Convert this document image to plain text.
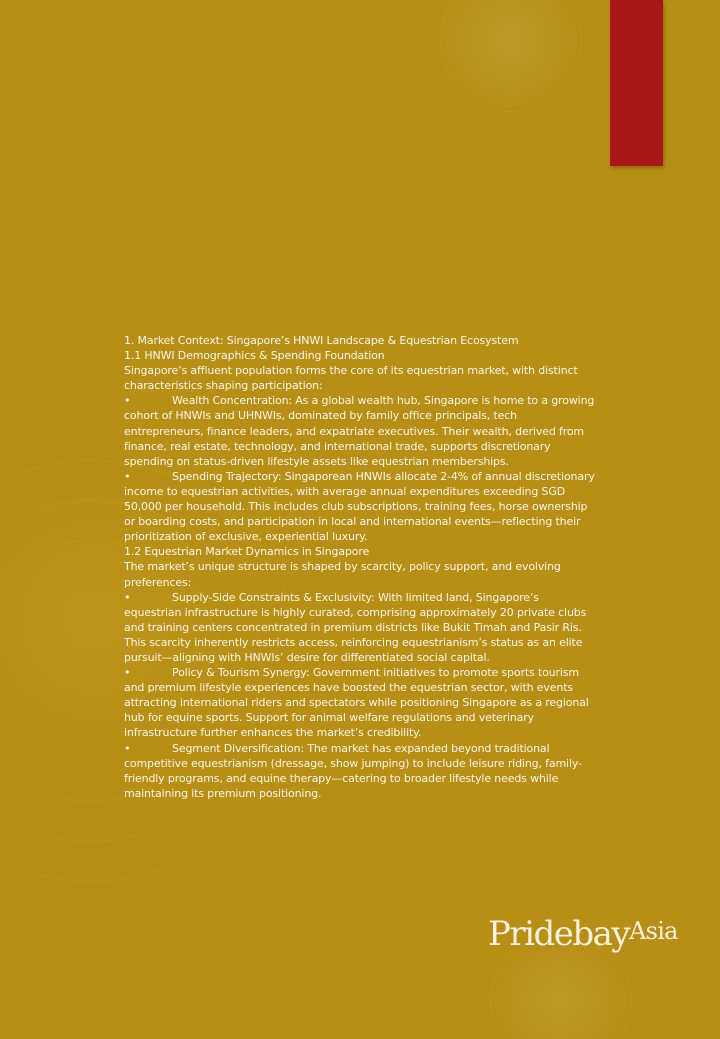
1. Market Context: Singapore’s HNWI Landscape & Equestrian Ecosystem

1.1 HNWI Demographics & Spending Foundation

Singapore’s affluent population forms the core of its equestrian market, with distinct characteristics shaping participation:

•	Wealth Concentration: As a global wealth hub, Singapore is home to a growing cohort of HNWIs and UHNWIs, dominated by family office principals, tech entrepreneurs, finance leaders, and expatriate executives. Their wealth, derived from finance, real estate, technology, and international trade, supports discretionary spending on status-driven lifestyle assets like equestrian memberships.

•	Spending Trajectory: Singaporean HNWIs allocate 2-4% of annual discretionary income to equestrian activities, with average annual expenditures exceeding SGD 50,000 per household. This includes club subscriptions, training fees, horse ownership or boarding costs, and participation in local and international events—reflecting their prioritization of exclusive, experiential luxury.

1.2 Equestrian Market Dynamics in Singapore

The market’s unique structure is shaped by scarcity, policy support, and evolving preferences:

•	Supply-Side Constraints & Exclusivity: With limited land, Singapore’s equestrian infrastructure is highly curated, comprising approximately 20 private clubs and training centers concentrated in premium districts like Bukit Timah and Pasir Ris. This scarcity inherently restricts access, reinforcing equestrianism’s status as an elite pursuit—aligning with HNWIs’ desire for differentiated social capital.

•	Policy & Tourism Synergy: Government initiatives to promote sports tourism and premium lifestyle experiences have boosted the equestrian sector, with events attracting international riders and spectators while positioning Singapore as a regional hub for equine sports. Support for animal welfare regulations and veterinary infrastructure further enhances the market’s credibility.

•	Segment Diversification: The market has expanded beyond traditional competitive equestrianism (dressage, show jumping) to include leisure riding, family-friendly programs, and equine therapy—catering to broader lifestyle needs while maintaining its premium positioning.

PridebayAsia
